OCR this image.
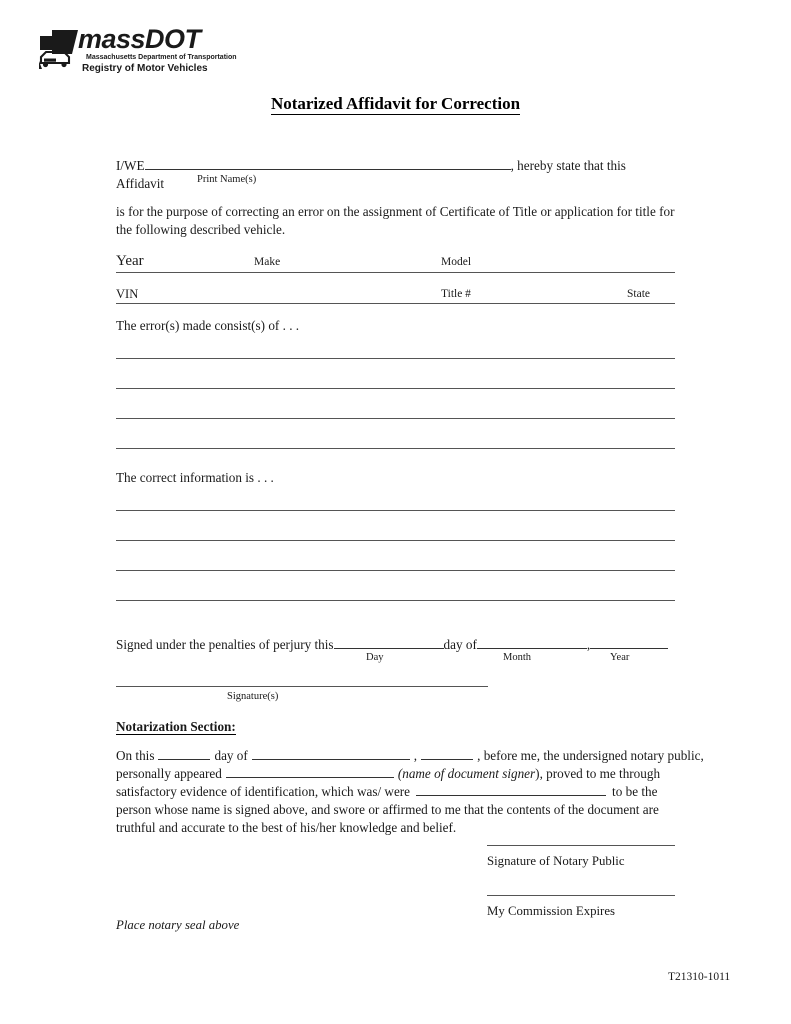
massDOT
Massachusetts Department of Transportation
Registry of Motor Vehicles
Notarized Affidavit for Correction
I/WE	, hereby state that this Affidavit	Print Name(s)
is for the purpose of correcting an error on the assignment of Certificate of Title or application for title for the following described vehicle.
Year	Make	Model
VIN	Title #	State
The error(s) made consist(s) of . . .
The correct information is . . .
Signed under the penalties of perjury this	day of	,
Day	Month	Year
Signature(s)
Notarization Section:
On this	day of	,	, before me, the undersigned notary public,
personally appeared	(name of document signer), proved to me through
satisfactory evidence of identification, which was/ were	to be the
person whose name is signed above, and swore or affirmed to me that the contents of the document are
truthful and accurate to the best of his/her knowledge and belief.
Signature of Notary Public
My Commission Expires
Place notary seal above
T21310-1011
